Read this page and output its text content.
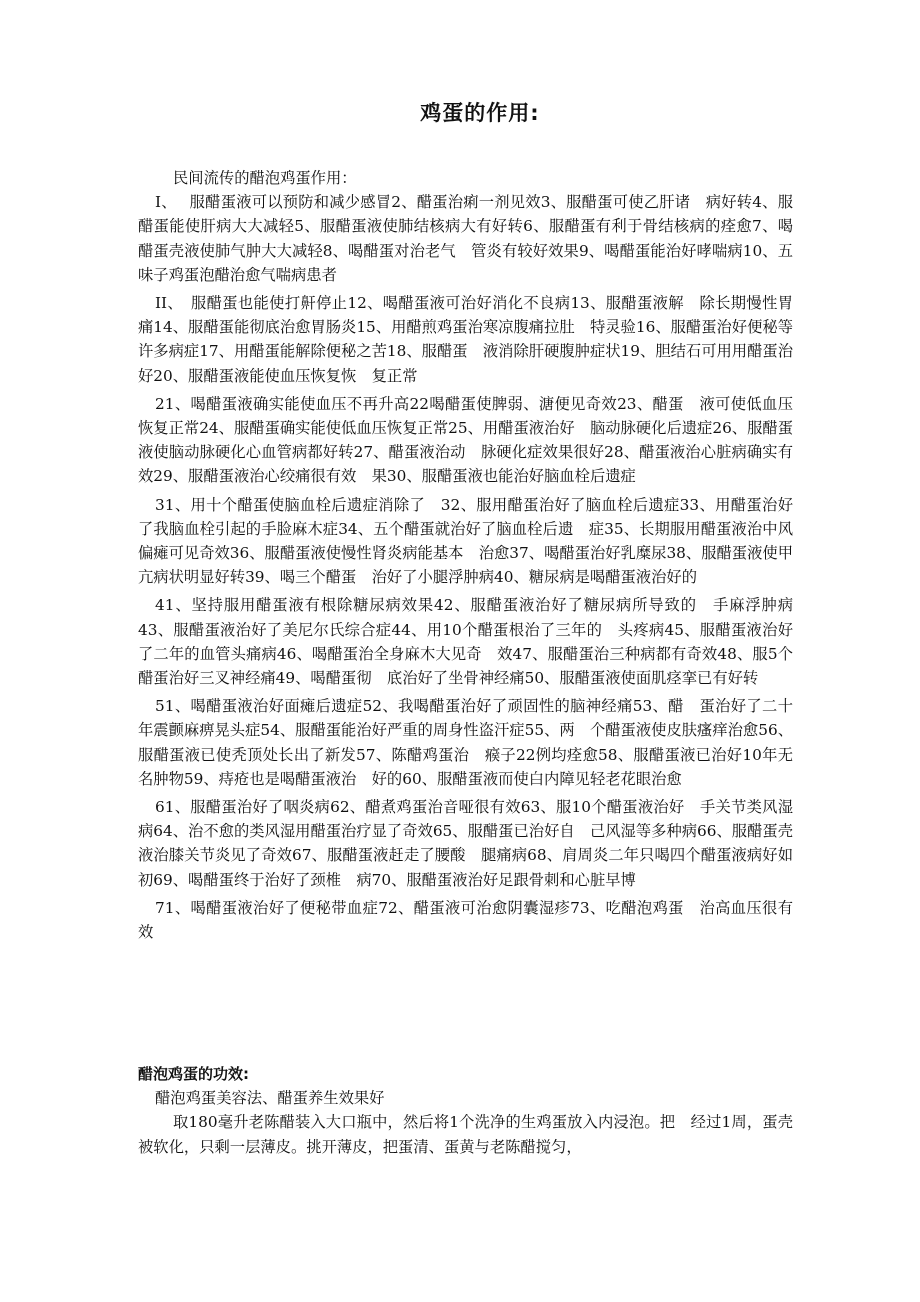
鸡蛋的作用:

民间流传的醋泡鸡蛋作用：

I、　 服醋蛋液可以预防和减少感冒2、醋蛋治痢一剂见效3、服醋蛋可使乙肝诸　病好转4、服醋蛋能使肝病大大减轻5、服醋蛋液使肺结核病大有好转6、服醋蛋有利于骨结核病的痊愈7、喝醋蛋壳液使肺气肿大大减轻8、喝醋蛋对治老气　管炎有较好效果9、喝醋蛋能治好哮喘病10、五味子鸡蛋泡醋治愈气喘病患者

II、　服醋蛋也能使打鼾停止12、喝醋蛋液可治好消化不良病13、服醋蛋液解　除长期慢性胃痛14、服醋蛋能彻底治愈胃肠炎15、用醋煎鸡蛋治寒凉腹痛拉肚　特灵验16、服醋蛋治好便秘等许多病症17、用醋蛋能解除便秘之苦18、服醋蛋　液消除肝硬腹肿症状19、胆结石可用用醋蛋治好20、服醋蛋液能使血压恢复恢　复正常

21、喝醋蛋液确实能使血压不再升高22喝醋蛋使脾弱、溏便见奇效23、醋蛋　液可使低血压恢复正常24、服醋蛋确实能使低血压恢复正常25、用醋蛋液治好　脑动脉硬化后遗症26、服醋蛋液使脑动脉硬化心血管病都好转27、醋蛋液治动　脉硬化症效果很好28、醋蛋液治心脏病确实有效29、服醋蛋液治心绞痛很有效　果30、服醋蛋液也能治好脑血栓后遗症

31、用十个醋蛋使脑血栓后遗症消除了　32、服用醋蛋治好了脑血栓后遗症33、用醋蛋治好了我脑血栓引起的手脸麻木症34、五个醋蛋就治好了脑血栓后遗　症35、长期服用醋蛋液治中风偏瘫可见奇效36、服醋蛋液使慢性肾炎病能基本　治愈37、喝醋蛋治好乳糜尿38、服醋蛋液使甲亢病状明显好转39、喝三个醋蛋　治好了小腿浮肿病40、糖尿病是喝醋蛋液治好的

41、坚持服用醋蛋液有根除糖尿病效果42、服醋蛋液治好了糖尿病所导致的　手麻浮肿病43、服醋蛋液治好了美尼尔氏综合症44、用10个醋蛋根治了三年的　头疼病45、服醋蛋液治好了二年的血管头痛病46、喝醋蛋治全身麻木大见奇　效47、服醋蛋治三种病都有奇效48、服5个醋蛋治好三叉神经痛49、喝醋蛋彻　底治好了坐骨神经痛50、服醋蛋液使面肌痉挛已有好转

51、喝醋蛋液治好面瘫后遗症52、我喝醋蛋治好了顽固性的脑神经痛53、醋　蛋治好了二十年震颤麻痹晃头症54、服醋蛋能治好严重的周身性盗汗症55、两　个醋蛋液使皮肤瘙痒治愈56、服醋蛋液已使秃顶处长出了新发57、陈醋鸡蛋治　瘊子22例均痊愈58、服醋蛋液已治好10年无名肿物59、痔疮也是喝醋蛋液治　好的60、服醋蛋液而使白内障见轻老花眼治愈

61、服醋蛋治好了咽炎病62、醋煮鸡蛋治音哑很有效63、服10个醋蛋液治好　手关节类风湿病64、治不愈的类风湿用醋蛋治疗显了奇效65、服醋蛋已治好自　己风湿等多种病66、服醋蛋壳液治膝关节炎见了奇效67、服醋蛋液赶走了腰酸　腿痛病68、肩周炎二年只喝四个醋蛋液病好如初69、喝醋蛋终于治好了颈椎　病70、服醋蛋液治好足跟骨刺和心脏早博

71、喝醋蛋液治好了便秘带血症72、醋蛋液可治愈阴囊湿疹73、吃醋泡鸡蛋　治高血压很有效

醋泡鸡蛋的功效:

醋泡鸡蛋美容法、醋蛋养生效果好

取180毫升老陈醋装入大口瓶中，然后将1个洗净的生鸡蛋放入内浸泡。把　经过1周，蛋壳被软化，只剩一层薄皮。挑开薄皮，把蛋清、蛋黄与老陈醋搅匀，
